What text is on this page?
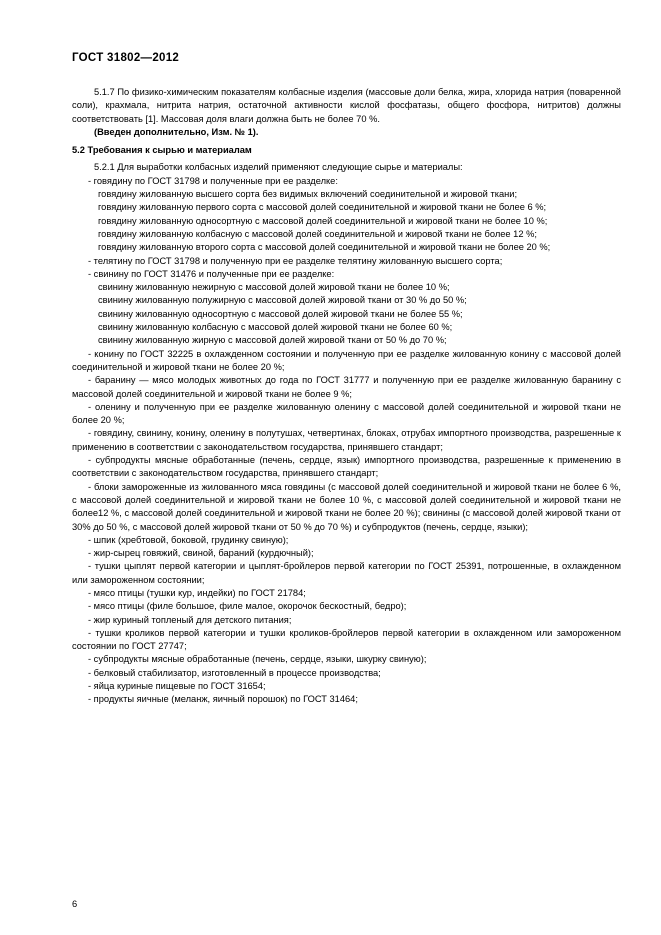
ГОСТ 31802—2012

5.1.7 По физико-химическим показателям колбасные изделия (массовые доли белка, жира, хлорида натрия (поваренной соли), крахмала, нитрита натрия, остаточной активности кислой фосфатазы, общего фосфора, нитритов) должны соответствовать [1]. Массовая доля влаги должна быть не более 70 %.

(Введен дополнительно, Изм. № 1).

5.2 Требования к сырью и материалам

5.2.1 Для выработки колбасных изделий применяют следующие сырье и материалы:

- говядину по ГОСТ 31798 и полученные при ее разделке:

говядину жилованную высшего сорта без видимых включений соединительной и жировой ткани;

говядину жилованную первого сорта с массовой долей соединительной и жировой ткани не более 6 %;

говядину жилованную односортную с массовой долей соединительной и жировой ткани не более 10 %;

говядину жилованную колбасную с массовой долей соединительной и жировой ткани не более 12 %;

говядину жилованную второго сорта с массовой долей соединительной и жировой ткани не более 20 %;

- телятину по ГОСТ 31798 и полученную при ее разделке телятину жилованную высшего сорта;

- свинину по ГОСТ 31476 и полученные при ее разделке:

свинину жилованную нежирную с массовой долей жировой ткани не более 10 %;

свинину жилованную полужирную с массовой долей жировой ткани от 30 % до 50 %;

свинину жилованную односортную с массовой долей жировой ткани не более 55 %;

свинину жилованную колбасную с массовой долей жировой ткани не более 60 %;

свинину жилованную жирную с массовой долей жировой ткани от 50 % до 70 %;

- конину по ГОСТ 32225 в охлажденном состоянии и полученную при ее разделке жилованную конину с массовой долей соединительной и жировой ткани не более 20 %;

- баранину — мясо молодых животных до года по ГОСТ 31777 и полученную при ее разделке жилованную баранину с массовой долей соединительной и жировой ткани не более 9 %;

- оленину и полученную при ее разделке жилованную оленину с массовой долей соединительной и жировой ткани не более 20 %;

- говядину, свинину, конину, оленину в полутушах, четвертинах, блоках, отрубах импортного производства, разрешенные к применению в соответствии с законодательством государства, принявшего стандарт;

- субпродукты мясные обработанные (печень, сердце, язык) импортного производства, разрешенные к применению в соответствии с законодательством государства, принявшего стандарт;

- блоки замороженные из жилованного мяса говядины (с массовой долей соединительной и жировой ткани не более 6 %, с массовой долей соединительной и жировой ткани не более 10 %, с массовой долей соединительной и жировой ткани не более12 %, с массовой долей соединительной и жировой ткани не более 20 %); свинины (с массовой долей жировой ткани от 30% до 50 %, с массовой долей жировой ткани от 50 % до 70 %) и субпродуктов (печень, сердце, языки);

- шпик (хребтовой, боковой, грудинку свиную);

- жир-сырец говяжий, свиной, бараний (курдючный);

- тушки цыплят первой категории и цыплят-бройлеров первой категории по ГОСТ 25391, потрошенные, в охлажденном или замороженном состоянии;

- мясо птицы (тушки кур, индейки) по ГОСТ 21784;

- мясо птицы (филе большое, филе малое, окорочок бескостный, бедро);

- жир куриный топленый для детского питания;

- тушки кроликов первой категории и тушки кроликов-бройлеров первой категории в охлажденном или замороженном состоянии по ГОСТ 27747;

- субпродукты мясные обработанные (печень, сердце, языки, шкурку свиную);

- белковый стабилизатор, изготовленный в процессе производства;

- яйца куриные пищевые по ГОСТ 31654;

- продукты яичные (меланж, яичный порошок) по ГОСТ 31464;

6
